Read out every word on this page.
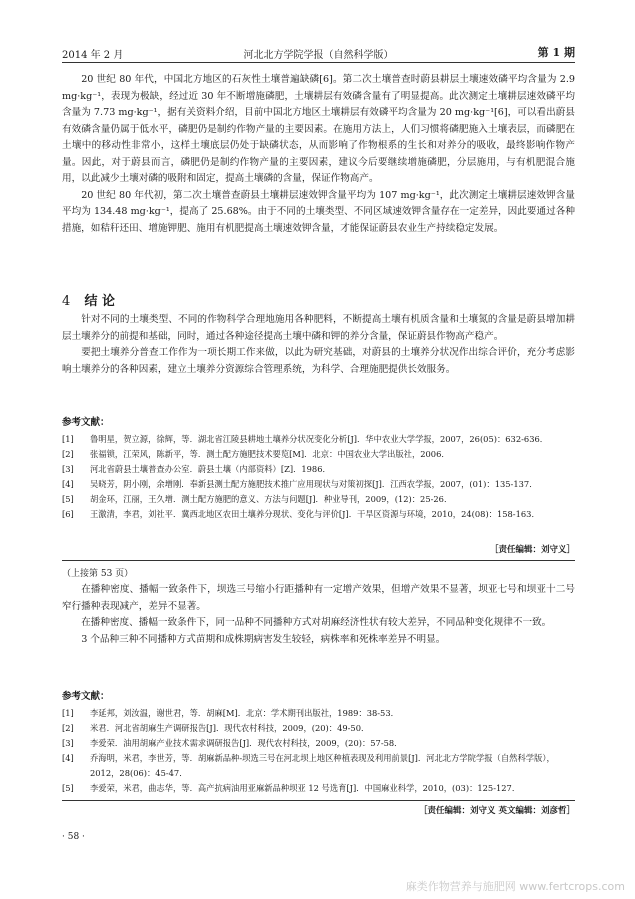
2014 年 2 月	河北北方学院学报（自然科学版）	第 1 期

20 世纪 80 年代，中国北方地区的石灰性土壤普遍缺磷[6]。第二次土壤普查时蔚县耕层土壤速效磷平均含量为 2.9 mg·kg⁻¹，表现为极缺，经过近 30 年不断增施磷肥，土壤耕层有效磷含量有了明显提高。此次测定土壤耕层速效磷平均含量为 7.73 mg·kg⁻¹，据有关资料介绍，目前中国北方地区土壤耕层有效磷平均含量为 20 mg·kg⁻¹[6]，可以看出蔚县有效磷含量仍属于低水平，磷肥仍是制约作物产量的主要因素。在施用方法上，人们习惯将磷肥施入土壤表层，而磷肥在土壤中的移动性非常小，这样土壤底层仍处于缺磷状态，从而影响了作物根系的生长和对养分的吸收，最终影响作物产量。因此，对于蔚县而言，磷肥仍是制约作物产量的主要因素，建议今后要继续增施磷肥，分层施用，与有机肥混合施用，以此减少土壤对磷的吸附和固定，提高土壤磷的含量，保证作物高产。

20 世纪 80 年代初，第二次土壤普查蔚县土壤耕层速效钾含量平均为 107 mg·kg⁻¹，此次测定土壤耕层速效钾含量平均为 134.48 mg·kg⁻¹，提高了 25.68%。由于不同的土壤类型、不同区域速效钾含量存在一定差异，因此要通过各种措施，如秸秆还田、增施钾肥、施用有机肥提高土壤速效钾含量，才能保证蔚县农业生产持续稳定发展。

4 结 论

针对不同的土壤类型、不同的作物科学合理地施用各种肥料，不断提高土壤有机质含量和土壤氮的含量是蔚县增加耕层土壤养分的前提和基础，同时，通过各种途径提高土壤中磷和钾的养分含量，保证蔚县作物高产稳产。

要把土壤养分普查工作作为一项长期工作来做，以此为研究基础，对蔚县的土壤养分状况作出综合评价，充分考虑影响土壤养分的各种因素，建立土壤养分资源综合管理系统，为科学、合理施肥提供长效服务。

参考文献：
[1] 鲁明星，贺立源，徐辉，等．湖北省江陵县耕地土壤养分状况变化分析[J]．华中农业大学学报，2007，26(05)：632-636．
[2] 张福锁，江荣风，陈新平，等．测土配方施肥技术要览[M]．北京：中国农业大学出版社，2006．
[3] 河北省蔚县土壤普查办公室．蔚县土壤（内部资料）[Z]．1986．
[4] 吴晓芳，阴小刚，余增刚．奉新县测土配方施肥技术推广应用现状与对策初探[J]．江西农学报，2007，(01)：135-137．
[5] 胡金环，江丽，王久增．测土配方施肥的意义、方法与问题[J]．种业导刊，2009，(12)：25-26．
[6] 王激清，李君，刘社平．冀西北地区农田土壤养分现状、变化与评价[J]．干旱区资源与环境，2010，24(08)：158-163．
［责任编辑：刘守义］
（上接第 53 页）

在播种密度、播幅一致条件下，坝选三号缩小行距播种有一定增产效果，但增产效果不显著，坝亚七号和坝亚十二号窄行播种表现减产，差异不显著。

在播种密度、播幅一致条件下，同一品种不同播种方式对胡麻经济性状有较大差异，不同品种变化规律不一致。

3 个品种三种不同播种方式苗期和成株期病害发生较轻，病株率和死株率差异不明显。

参考文献：
[1] 李延邦，刘汝温，谢世君，等．胡麻[M]．北京：学术期刊出版社，1989：38-53．
[2] 米君．河北省胡麻生产调研报告[J]．现代农村科技，2009，(20)：49-50．
[3] 李爱荣．油用胡麻产业技术需求调研报告[J]．现代农村科技，2009，(20)：57-58．
[4] 乔海明，米君，李世芳，等．胡麻新品种-坝选三号在河北坝上地区种植表现及利用前景[J]．河北北方学院学报（自然科学版），2012，28(06)：45-47．
[5] 李爱荣，米君，曲志华，等．高产抗病油用亚麻新品种坝亚 12 号选育[J]．中国麻业科学，2010，(03)：125-127．
［责任编辑：刘守义 英文编辑：刘彦哲］
· 58 ·
麻类作物营养与施肥网 www.fertcrops.com
